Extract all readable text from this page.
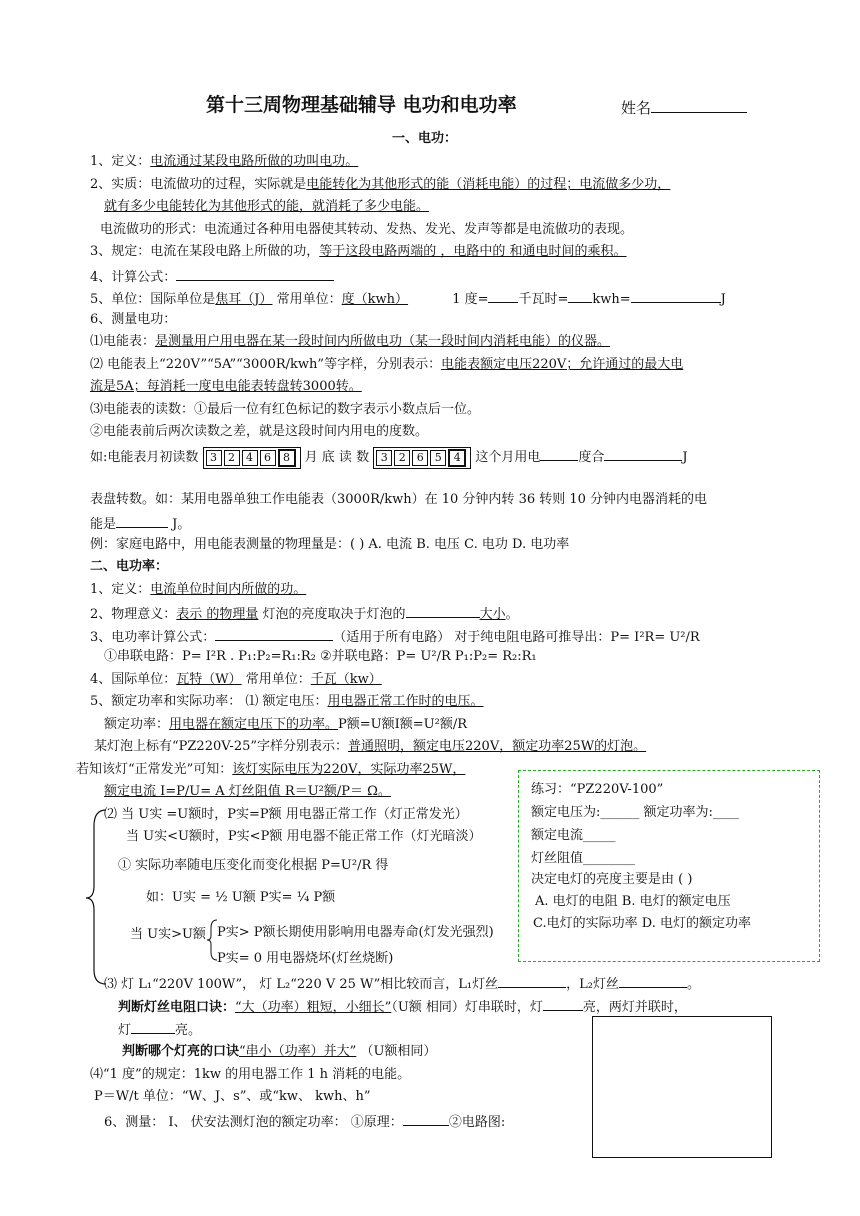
第十三周物理基础辅导 电功和电功率	姓名
一、电功：
1、定义：电流通过某段电路所做的功叫电功。
2、实质：电流做功的过程，实际就是电能转化为其他形式的能（消耗电能）的过程；电流做多少功，
就有多少电能转化为其他形式的能，就消耗了多少电能。
电流做功的形式：电流通过各种用电器使其转动、发热、发光、发声等都是电流做功的表现。
3、规定：电流在某段电路上所做的功，等于这段电路两端的 ，电路中的 和通电时间的乘积。
4、计算公式：
5、单位：国际单位是焦耳（J） 常用单位：度（kwh）	1 度= 千瓦时= kwh=	J
6、测量电功：
⑴电能表：是测量用户用电器在某一段时间内所做电功（某一段时间内消耗电能）的仪器。
⑵ 电能表上“220V”“5A”“3000R/kwh”等字样，分别表示：电能表额定电压220V；允许通过的最大电
流是5A；每消耗一度电电能表转盘转3000转。
⑶电能表的读数：①最后一位有红色标记的数字表示小数点后一位。
②电能表前后两次读数之差，就是这段时间内用电的度数。
如:电能表月初读数 3 2 4 6 8 月 底 读 数 3 2 6 5 4 这个月用电	度合	J
表盘转数。如：某用电器单独工作电能表（3000R/kwh）在 10 分钟内转 36 转则 10 分钟内电器消耗的电
能是	J。
例：家庭电路中，用电能表测量的物理量是：( ) A. 电流 B. 电压 C. 电功 D. 电功率
二、电功率：
1、定义：电流单位时间内所做的功。
2、物理意义：表示 的物理量 灯泡的亮度取决于灯泡的	大小。
3、电功率计算公式：	（适用于所有电路） 对于纯电阻电路可推导出：P= I²R= U²/R
①串联电路：P= I²R . P₁:P₂=R₁:R₂ ②并联电路：P= U²/R P₁:P₂= R₂:R₁
4、国际单位：瓦特（W） 常用单位：千瓦（kw）
5、额定功率和实际功率： ⑴ 额定电压：用电器正常工作时的电压。
额定功率：用电器在额定电压下的功率。P额=U额I额=U²额/R
某灯泡上标有“PZ220V-25”字样分别表示：普通照明，额定电压220V，额定功率25W的灯泡。
若知该灯“正常发光”可知：该灯实际电压为220V，实际功率25W，
额定电流 I=P/U= A 灯丝阻值 R＝U²额/P＝ Ω。
⑵ 当 U实 =U额时，P实=P额 用电器正常工作（灯正常发光）
当 U实<U额时，P实<P额 用电器不能正常工作（灯光暗淡）
① 实际功率随电压变化而变化根据 P=U²/R 得
如：U实 = ½ U额 P实= ¼ P额
当 U实>U额 P实> P额长期使用影响用电器寿命(灯发光强烈)
P实= 0 用电器烧坏(灯丝烧断)
⑶ 灯 L₁“220V 100W”， 灯 L₂“220 V 25 W”相比较而言，L₁灯丝	，L₂灯丝	。
判断灯丝电阻口诀：“大（功率）粗短，小细长”（U额 相同）灯串联时，灯	亮，两灯并联时，
灯	亮。
判断哪个灯亮的口诀“串小（功率）并大” （U额相同）
⑷“1 度”的规定：1kw 的用电器工作 1 h 消耗的电能。
P＝W/t 单位：“W、J、s”、或“kw、 kwh、h”
6、测量： Ⅰ、 伏安法测灯泡的额定功率： ①原理：	②电路图:
练习：“PZ220V-100”
额定电压为:______ 额定功率为:____
额定电流_____
灯丝阻值________
决定电灯的亮度主要是由 ( )
A. 电灯的电阻 B. 电灯的额定电压
C.电灯的实际功率 D. 电灯的额定功率
